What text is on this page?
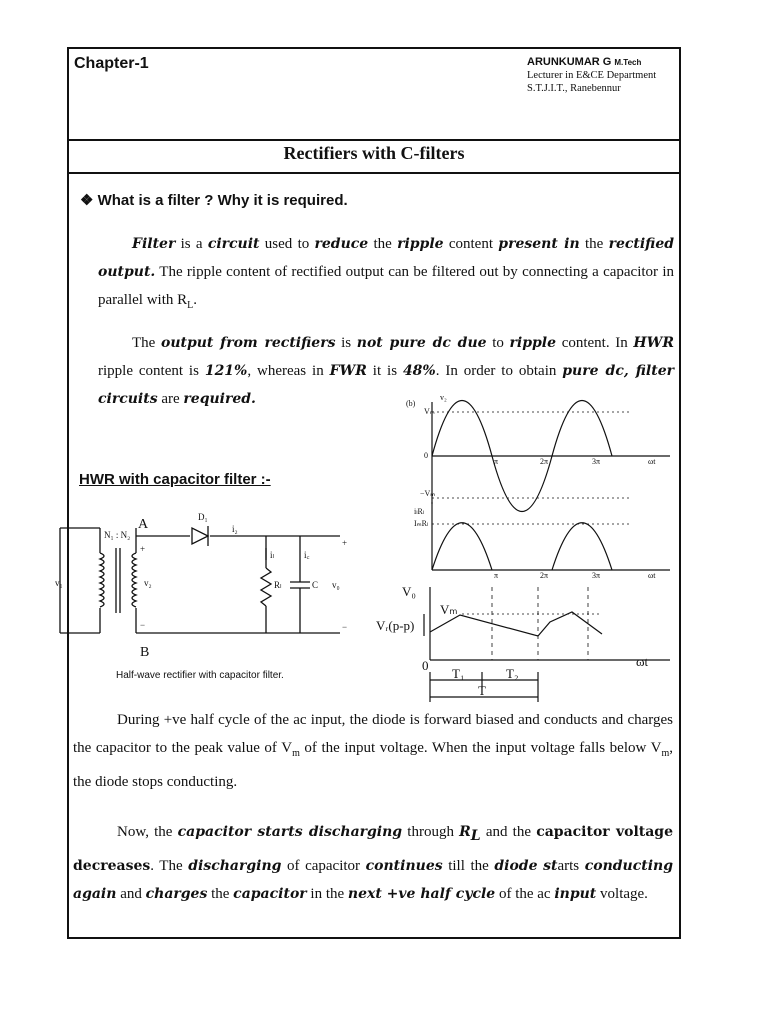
Chapter-1	ARUNKUMAR G M.Tech
Lecturer in E&CE Department
S.T.J.I.T., Ranebennur
Rectifiers with C-filters
❖ What is a filter ? Why it is required.
Filter is a circuit used to reduce the ripple content present in the rectified output. The ripple content of rectified output can be filtered out by connecting a capacitor in parallel with $R_L$.
The output from rectifiers is not pure dc due to ripple content. In HWR ripple content is 121%, whereas in FWR it is 48%. In order to obtain pure dc, filter circuits are required.
HWR with capacitor filter :-
+
−
N₁ : N₂
v₁	v₂
D₁
i₂
iₗ	i꜀
Rₗ	C v₀
+
−
A
B
Half-wave rectifier with capacitor filter.
(b)
v₂
Vₘ
0
−Vₘ
π	2π	3π	ωt
iₗRₗ
IₘRₗ
π	2π	3π	ωt
V₀
Vᵣ(p-p)
Vₘ
0	ωt
T₁	T₂
T
During +ve half cycle of the ac input, the diode is forward biased and conducts and charges the capacitor to the peak value of $V_m$ of the input voltage. When the input voltage falls below $V_m$, the diode stops conducting.
Now, the capacitor starts discharging through $R_L$ and the capacitor voltage decreases. The discharging of capacitor continues till the diode starts conducting again and charges the capacitor in the next +ve half cycle of the ac input voltage.
